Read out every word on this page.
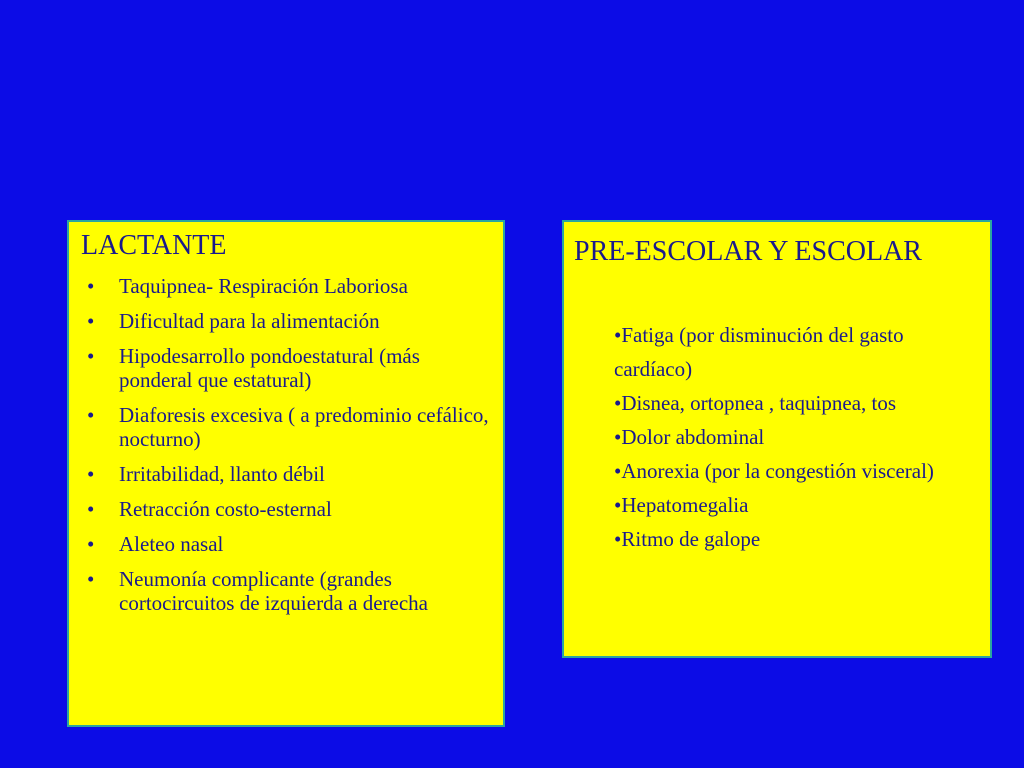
LACTANTE
• Taquipnea- Respiración Laboriosa
• Dificultad para la alimentación
• Hipodesarrollo pondoestatural (más ponderal que estatural)
• Diaforesis excesiva ( a predominio cefálico, nocturno)
• Irritabilidad, llanto débil
• Retracción costo-esternal
• Aleteo nasal
• Neumonía complicante (grandes cortocircuitos de izquierda a derecha
PRE-ESCOLAR Y ESCOLAR
•Fatiga (por disminución del gasto cardíaco)
•Disnea, ortopnea , taquipnea, tos
•Dolor abdominal
•Anorexia (por la congestión visceral)
•Hepatomegalia
•Ritmo de galope
